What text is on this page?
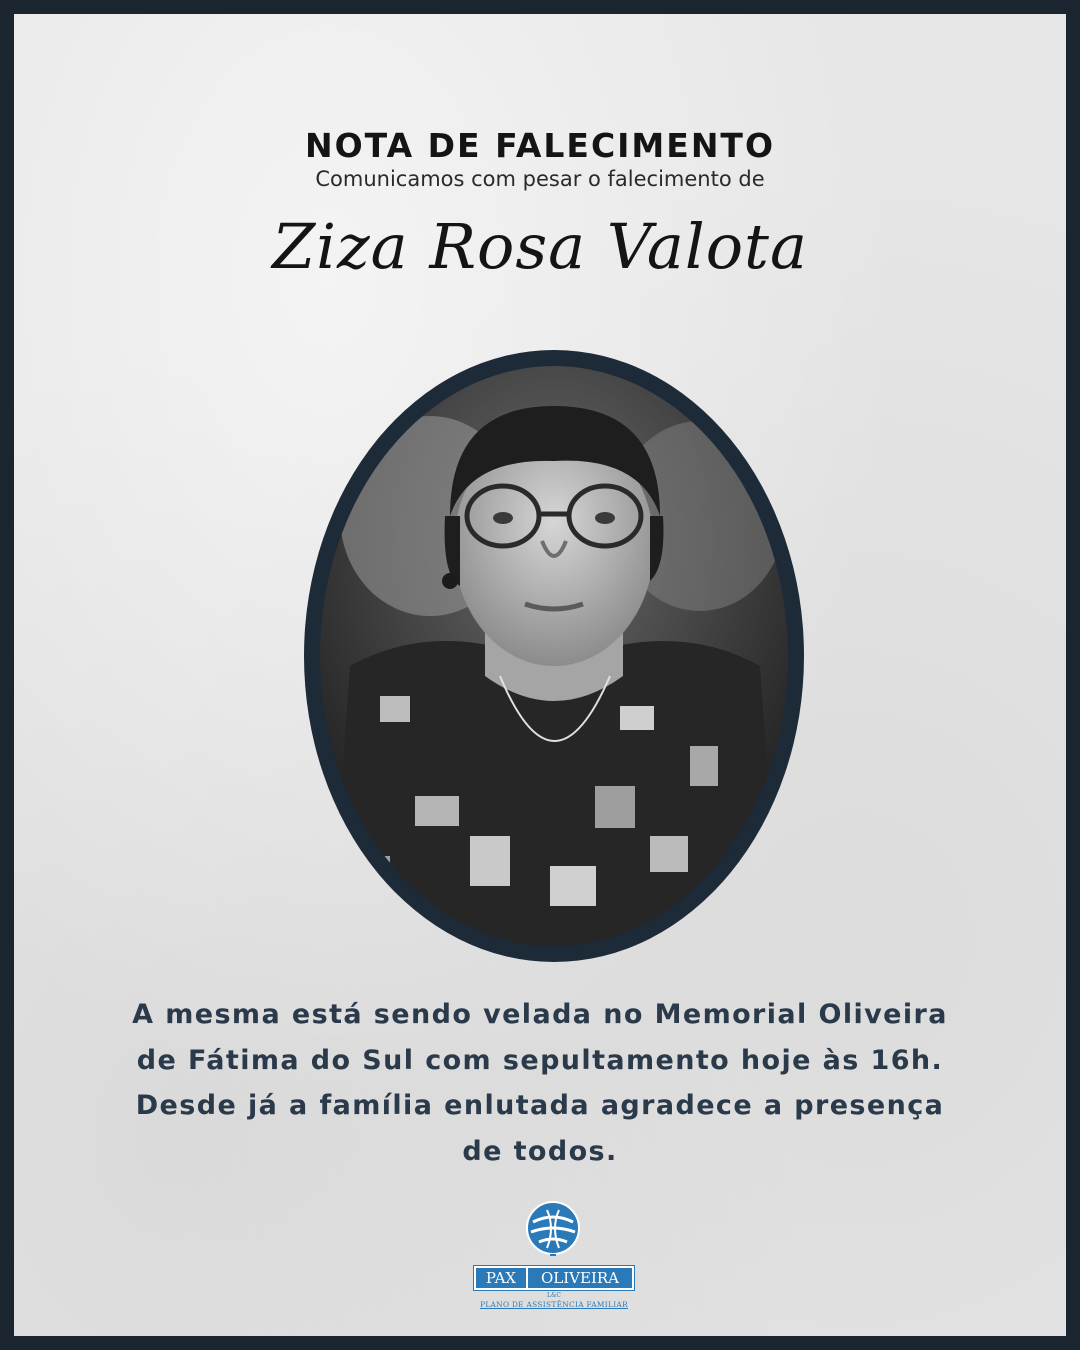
NOTA DE FALECIMENTO
Comunicamos com pesar o falecimento de
Ziza Rosa Valota
A mesma está sendo velada no Memorial Oliveira
de Fátima do Sul com sepultamento hoje às 16h.
Desde já a família enlutada agradece a presença
de todos.
PAX	OLIVEIRA
L&C
PLANO DE ASSISTÊNCIA FAMILIAR
